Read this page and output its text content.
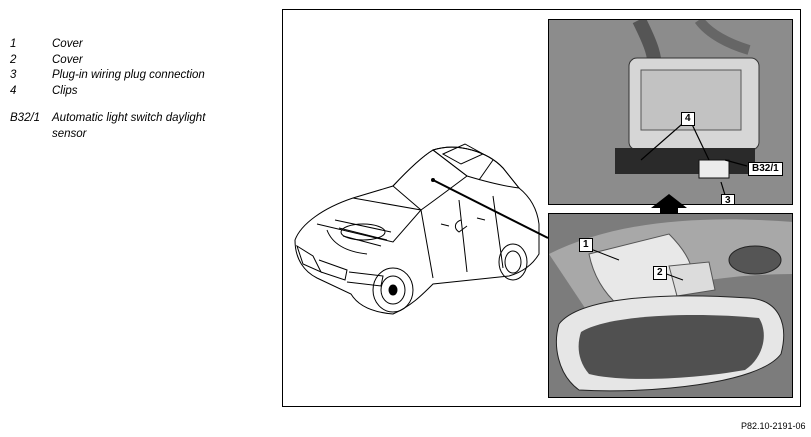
1	Cover
2	Cover
3	Plug-in wiring plug connection
4	Clips
B32/1	Automatic light switch daylight sensor
4
B32/1
3
1
2
P82.10-2191-06
